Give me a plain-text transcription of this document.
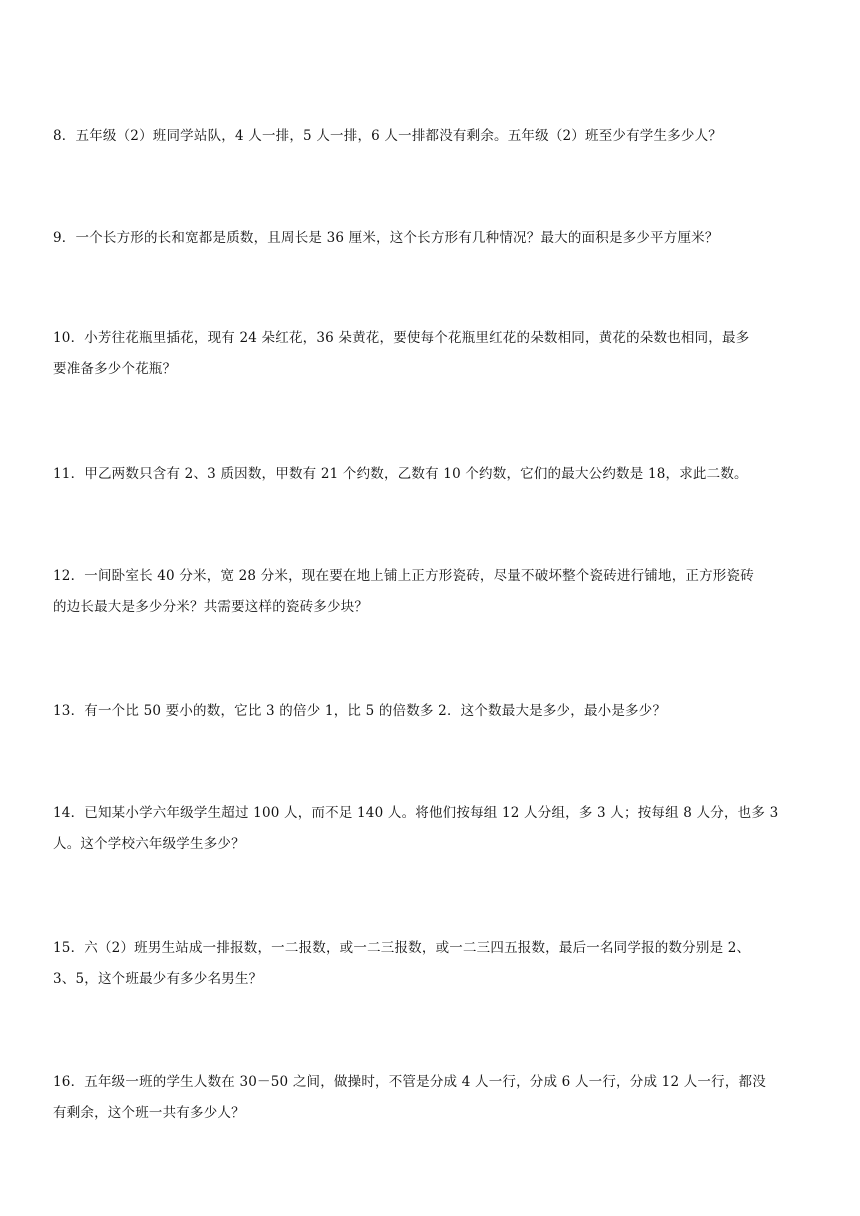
8．五年级（2）班同学站队，4 人一排，5 人一排，6 人一排都没有剩余。五年级（2）班至少有学生多少人？

9．一个长方形的长和宽都是质数，且周长是 36 厘米，这个长方形有几种情况？最大的面积是多少平方厘米？

10．小芳往花瓶里插花，现有 24 朵红花，36 朵黄花，要使每个花瓶里红花的朵数相同，黄花的朵数也相同，最多
要准备多少个花瓶？

11．甲乙两数只含有 2、3 质因数，甲数有 21 个约数，乙数有 10 个约数，它们的最大公约数是 18，求此二数。

12．一间卧室长 40 分米，宽 28 分米，现在要在地上铺上正方形瓷砖，尽量不破坏整个瓷砖进行铺地，正方形瓷砖
的边长最大是多少分米？共需要这样的瓷砖多少块？

13．有一个比 50 要小的数，它比 3 的倍少 1，比 5 的倍数多 2．这个数最大是多少，最小是多少？

14．已知某小学六年级学生超过 100 人，而不足 140 人。将他们按每组 12 人分组，多 3 人；按每组 8 人分，也多 3
人。这个学校六年级学生多少？

15．六（2）班男生站成一排报数，一二报数，或一二三报数，或一二三四五报数，最后一名同学报的数分别是 2、
3、5，这个班最少有多少名男生？

16．五年级一班的学生人数在 30－50 之间，做操时，不管是分成 4 人一行，分成 6 人一行，分成 12 人一行，都没
有剩余，这个班一共有多少人？
